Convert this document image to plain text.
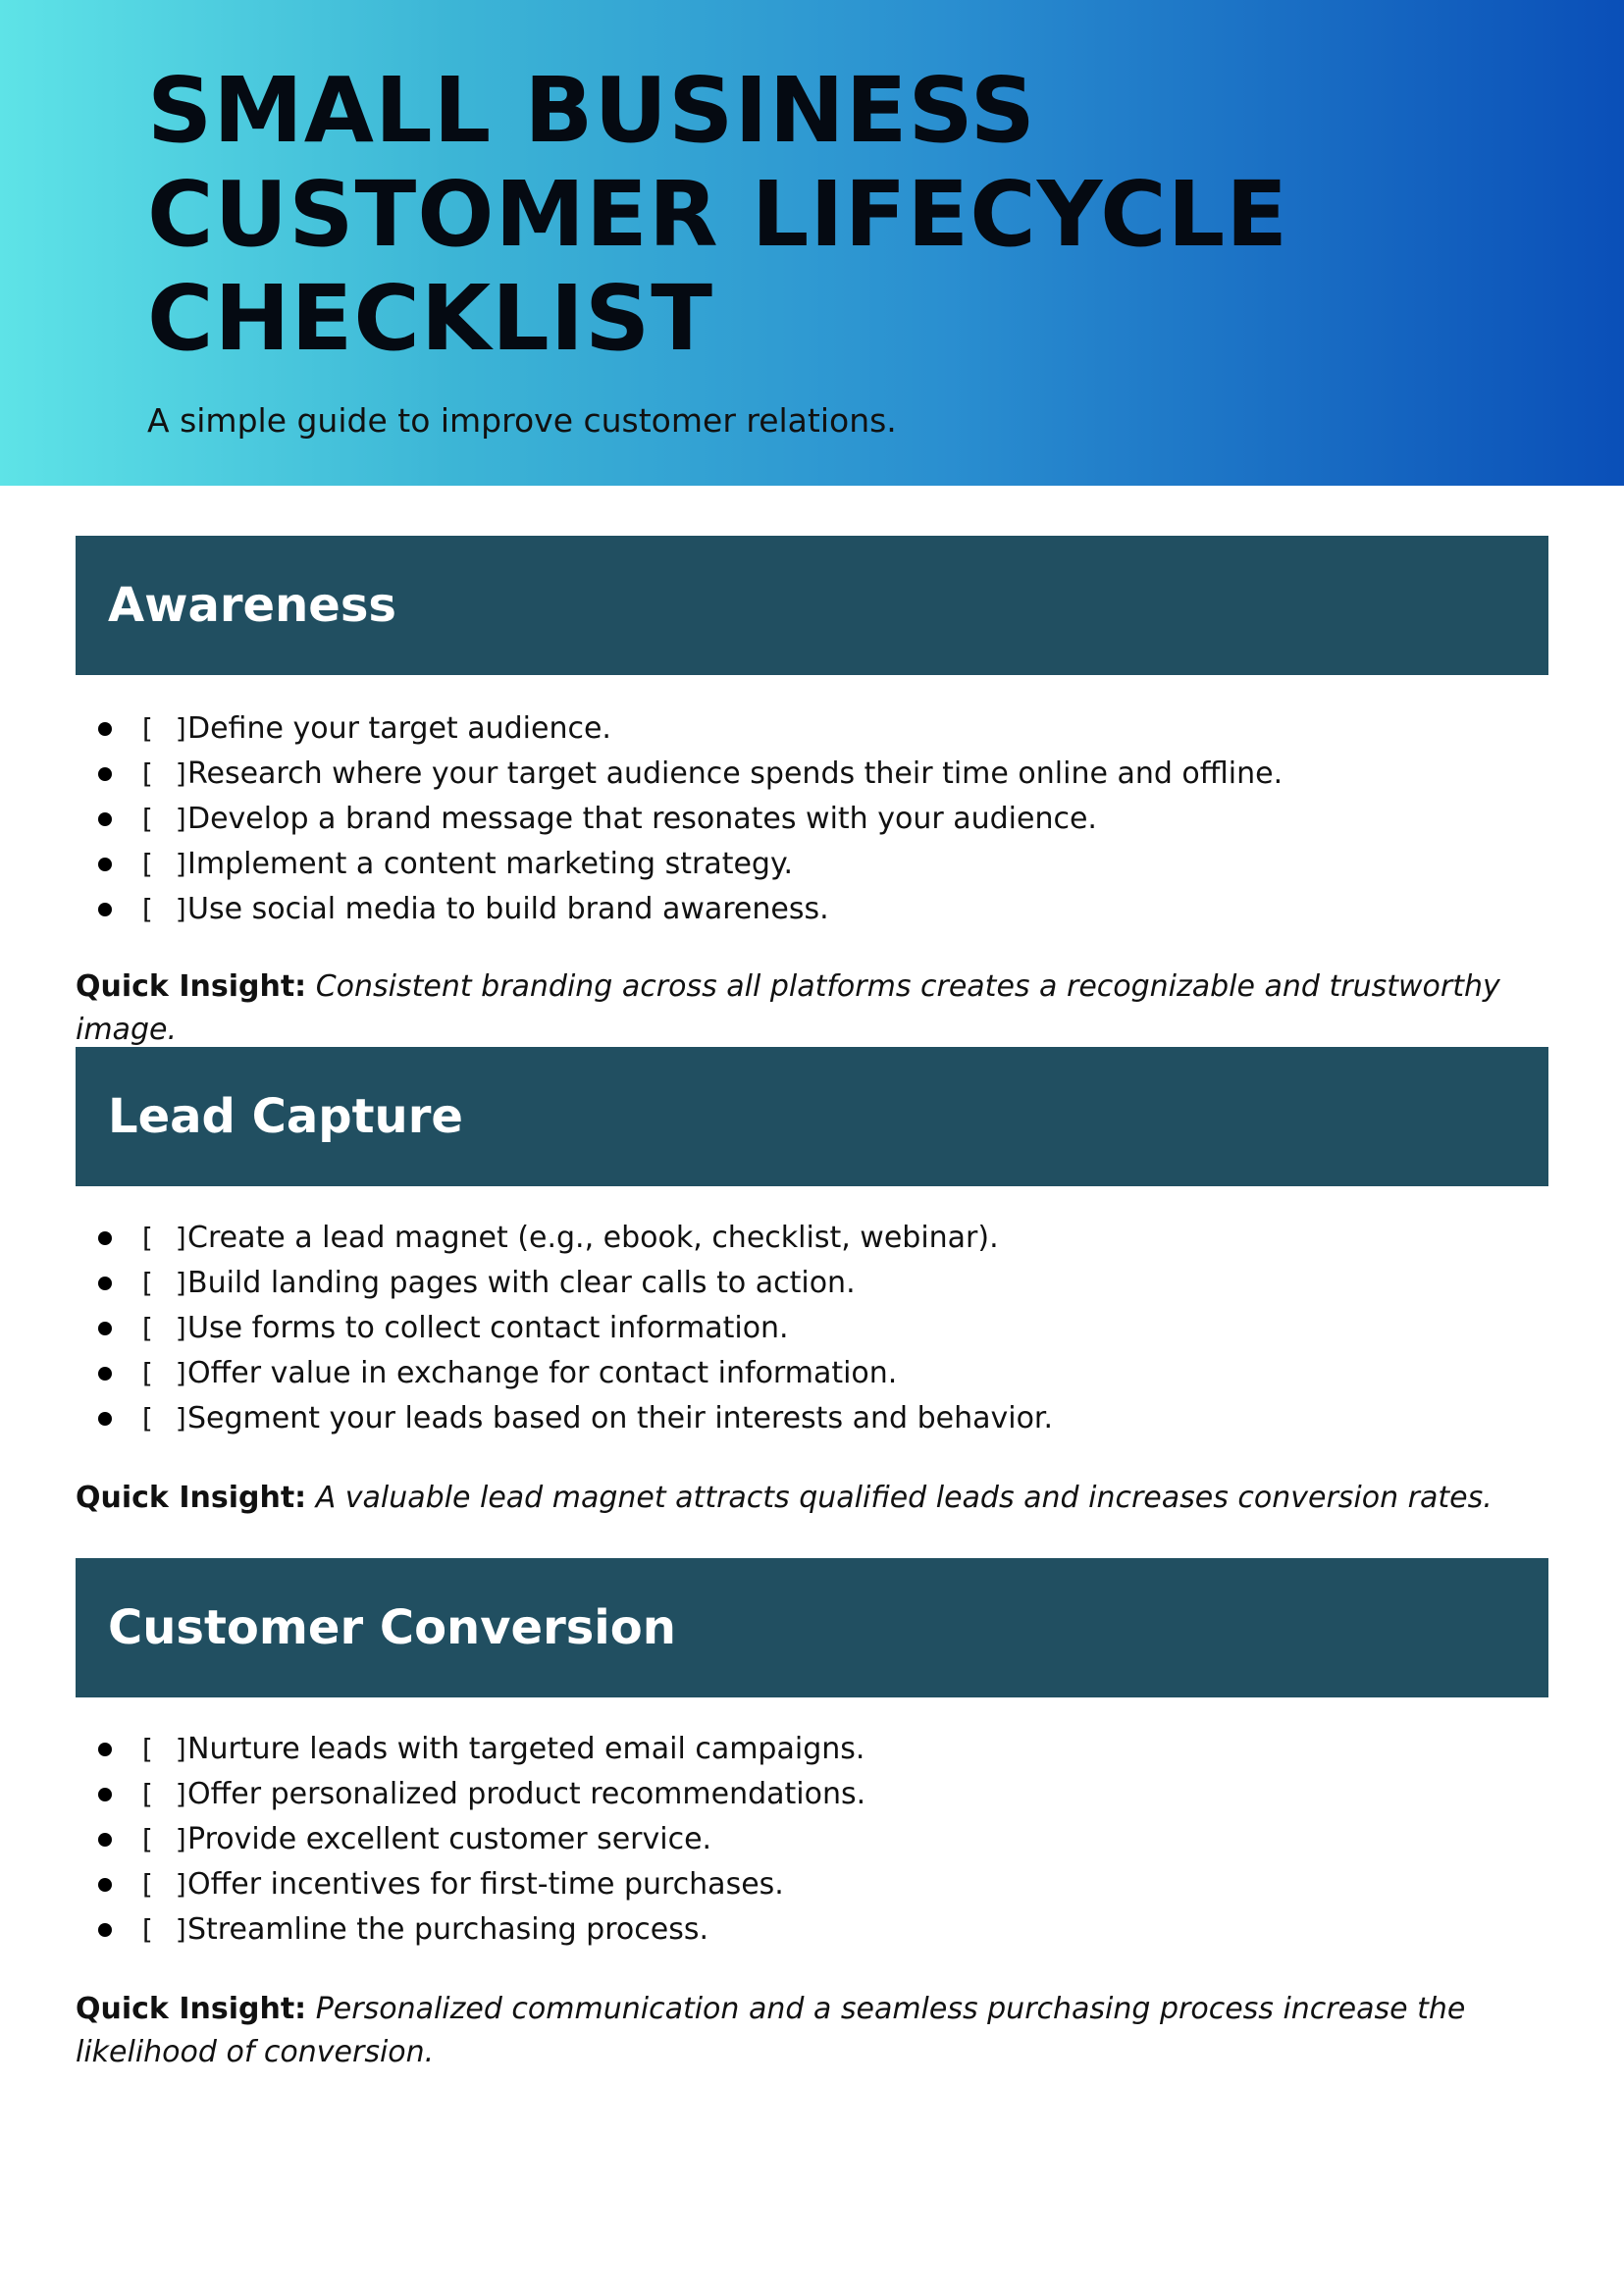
SMALL BUSINESS
CUSTOMER LIFECYCLE
CHECKLIST

A simple guide to improve customer relations.

Awareness
[ ]
Define your target audience.
[ ]
Research where your target audience spends their time online and offline.
[ ]
Develop a brand message that resonates with your audience.
[ ]
Implement a content marketing strategy.
[ ]
Use social media to build brand awareness.

Quick Insight: Consistent branding across all platforms creates a recognizable and trustworthy image.

Lead Capture
[ ]
Create a lead magnet (e.g., ebook, checklist, webinar).
[ ]
Build landing pages with clear calls to action.
[ ]
Use forms to collect contact information.
[ ]
Offer value in exchange for contact information.
[ ]
Segment your leads based on their interests and behavior.

Quick Insight: A valuable lead magnet attracts qualified leads and increases conversion rates.

Customer Conversion
[ ]
Nurture leads with targeted email campaigns.
[ ]
Offer personalized product recommendations.
[ ]
Provide excellent customer service.
[ ]
Offer incentives for first-time purchases.
[ ]
Streamline the purchasing process.

Quick Insight: Personalized communication and a seamless purchasing process increase the likelihood of conversion.
